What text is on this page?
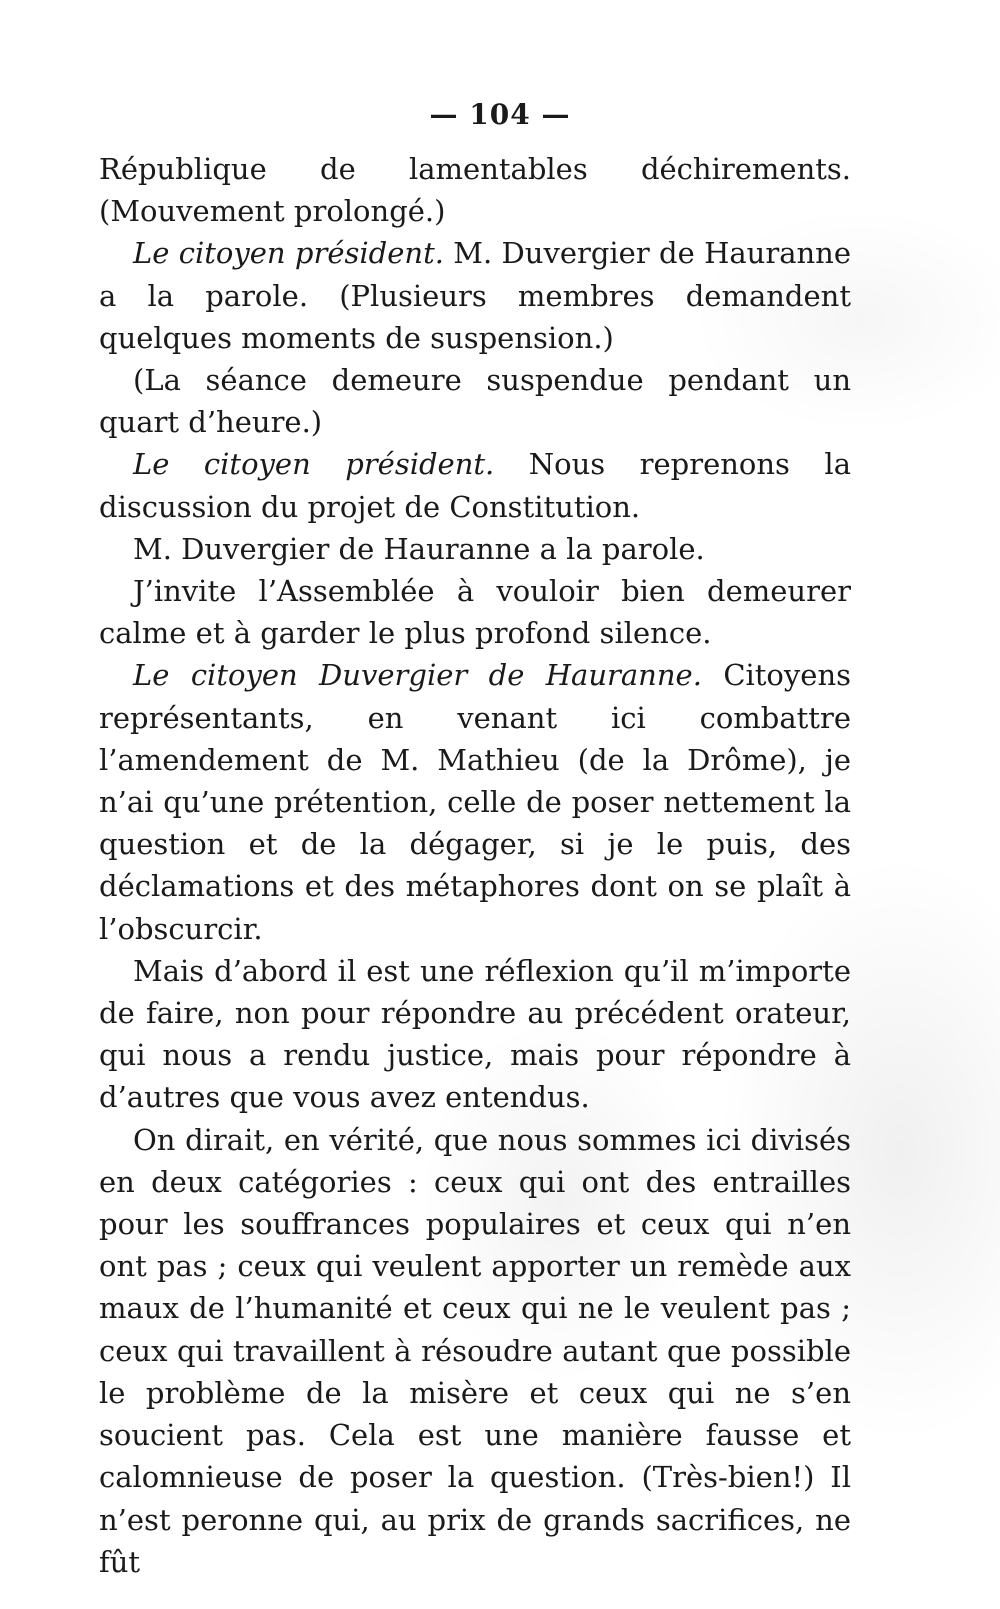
— 104 —

République de lamentables déchirements. (Mouvement prolongé.)

Le citoyen président. M. Duvergier de Hauranne a la parole. (Plusieurs membres demandent quelques moments de suspension.)

(La séance demeure suspendue pendant un quart d’heure.)

Le citoyen président. Nous reprenons la discussion du projet de Constitution.

M. Duvergier de Hauranne a la parole.

J’invite l’Assemblée à vouloir bien demeurer calme et à garder le plus profond silence.

Le citoyen Duvergier de Hauranne. Citoyens représentants, en venant ici combattre l’amendement de M. Mathieu (de la Drôme), je n’ai qu’une prétention, celle de poser nettement la question et de la dégager, si je le puis, des déclamations et des métaphores dont on se plaît à l’obscurcir.

Mais d’abord il est une réflexion qu’il m’importe de faire, non pour répondre au précédent orateur, qui nous a rendu justice, mais pour répondre à d’autres que vous avez entendus.

On dirait, en vérité, que nous sommes ici divisés en deux catégories : ceux qui ont des entrailles pour les souffrances populaires et ceux qui n’en ont pas ; ceux qui veulent apporter un remède aux maux de l’humanité et ceux qui ne le veulent pas ; ceux qui travaillent à résoudre autant que possible le problème de la misère et ceux qui ne s’en soucient pas. Cela est une manière fausse et calomnieuse de poser la question. (Très-bien!) Il n’est peronne qui, au prix de grands sacrifices, ne fût
